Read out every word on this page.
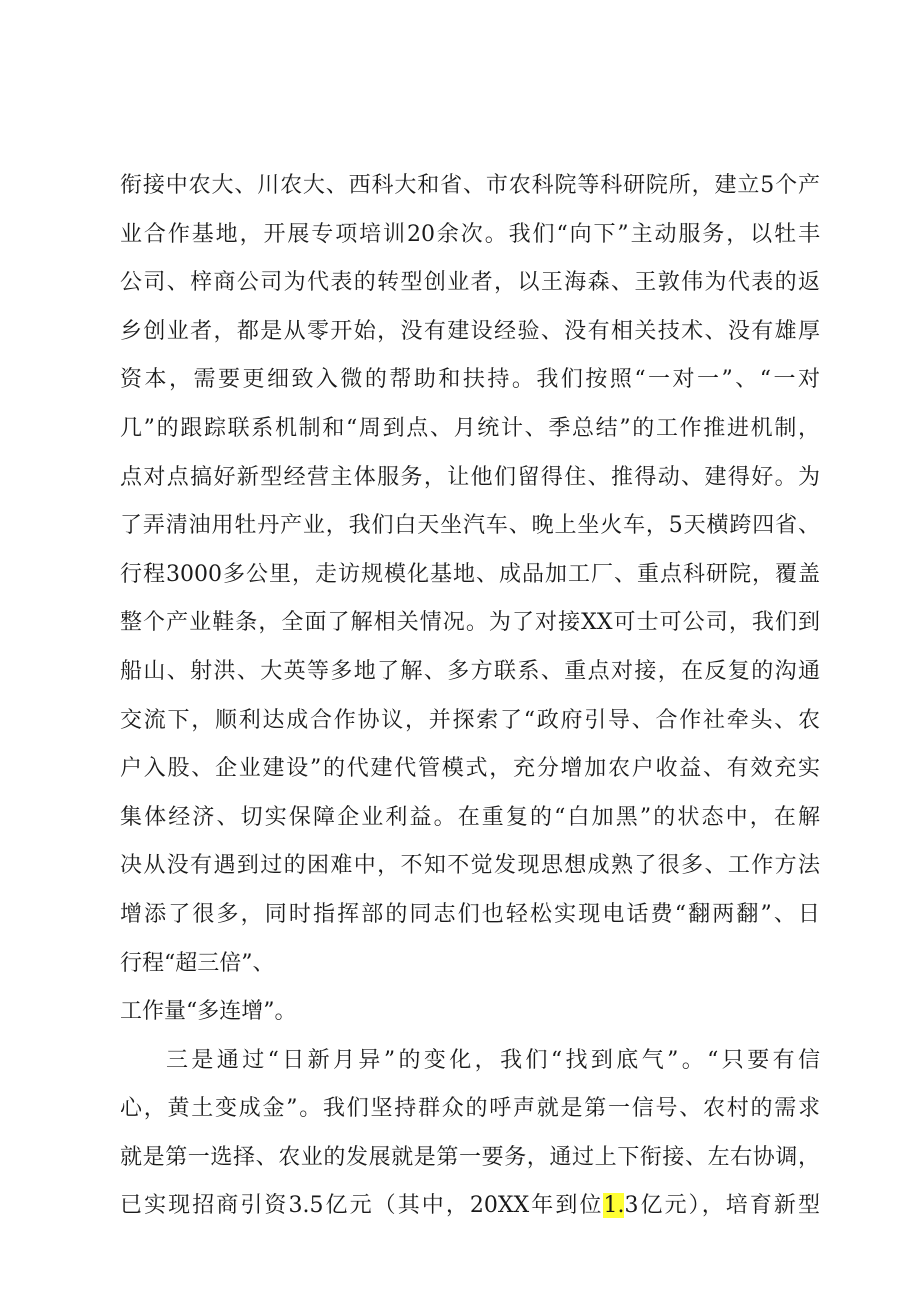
衔接中农大、川农大、西科大和省、市农科院等科研院所，建立5个产
业合作基地，开展专项培训20余次。我们“向下”主动服务，以牡丰
公司、梓商公司为代表的转型创业者，以王海森、王敦伟为代表的返
乡创业者，都是从零开始，没有建设经验、没有相关技术、没有雄厚
资本，需要更细致入微的帮助和扶持。我们按照“一对一”、“一对
几”的跟踪联系机制和“周到点、月统计、季总结”的工作推进机制，
点对点搞好新型经营主体服务，让他们留得住、推得动、建得好。为
了弄清油用牡丹产业，我们白天坐汽车、晚上坐火车，5天横跨四省、
行程3000多公里，走访规模化基地、成品加工厂、重点科研院，覆盖
整个产业鞋条，全面了解相关情况。为了对接XX可士可公司，我们到
船山、射洪、大英等多地了解、多方联系、重点对接，在反复的沟通
交流下，顺利达成合作协议，并探索了“政府引导、合作社牵头、农
户入股、企业建设”的代建代管模式，充分增加农户收益、有效充实
集体经济、切实保障企业利益。在重复的“白加黑”的状态中，在解
决从没有遇到过的困难中，不知不觉发现思想成熟了很多、工作方法
增添了很多，同时指挥部的同志们也轻松实现电话费“翻两翻”、日
行程“超三倍”、
工作量“多连增”。
三是通过“日新月异”的变化，我们“找到底气”。“只要有信
心，黄土变成金”。我们坚持群众的呼声就是第一信号、农村的需求
就是第一选择、农业的发展就是第一要务，通过上下衔接、左右协调，
已实现招商引资3.5亿元（其中，20XX年到位1.3亿元），培育新型
